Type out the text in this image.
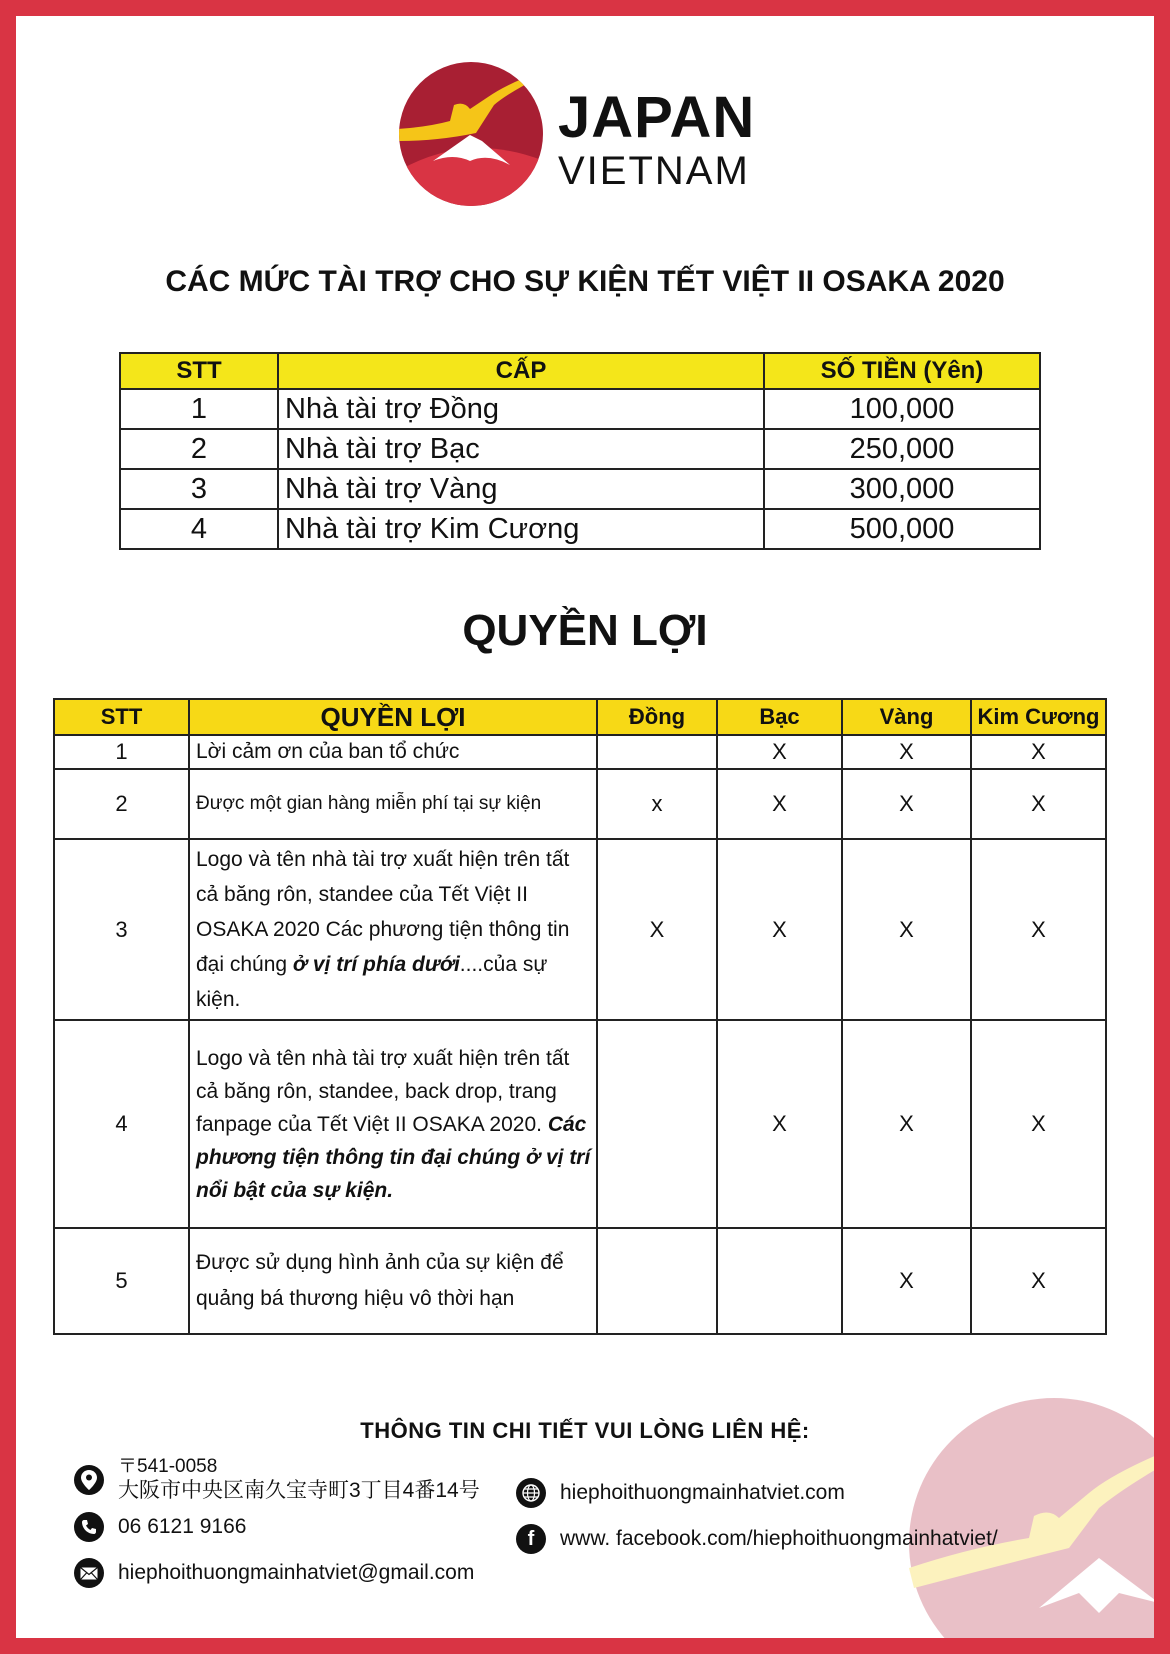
JAPAN
VIETNAM
CÁC MỨC TÀI TRỢ CHO SỰ KIỆN TẾT VIỆT II OSAKA 2020
STT	CẤP	SỐ TIỀN (Yên)
1	Nhà tài trợ Đồng	100,000
2	Nhà tài trợ Bạc	250,000
3	Nhà tài trợ Vàng	300,000
4	Nhà tài trợ Kim Cương	500,000
QUYỀN LỢI
STT	QUYỀN LỢI	Đồng	Bạc	Vàng	Kim Cương
1	Lời cảm ơn của ban tổ chức		X	X	X
2	Được một gian hàng miễn phí tại sự kiện	x	X	X	X
3	Logo và tên nhà tài trợ xuất hiện trên tất cả băng rôn, standee của Tết Việt II OSAKA 2020 Các phương tiện thông tin đại chúng ở vị trí phía dưới....của sự kiện.	X	X	X	X
4	Logo và tên nhà tài trợ xuất hiện trên tất cả băng rôn, standee, back drop, trang fanpage của Tết Việt II OSAKA 2020. Các phương tiện thông tin đại chúng ở vị trí nổi bật của sự kiện.		X	X	X
5	Được sử dụng hình ảnh của sự kiện để quảng bá thương hiệu vô thời hạn			X	X
THÔNG TIN CHI TIẾT VUI LÒNG LIÊN HỆ:
〒541-0058
大阪市中央区南久宝寺町3丁目4番14号
06 6121 9166
hiephoithuongmainhatviet@gmail.com
hiephoithuongmainhatviet.com
f www. facebook.com/hiephoithuongmainhatviet/
